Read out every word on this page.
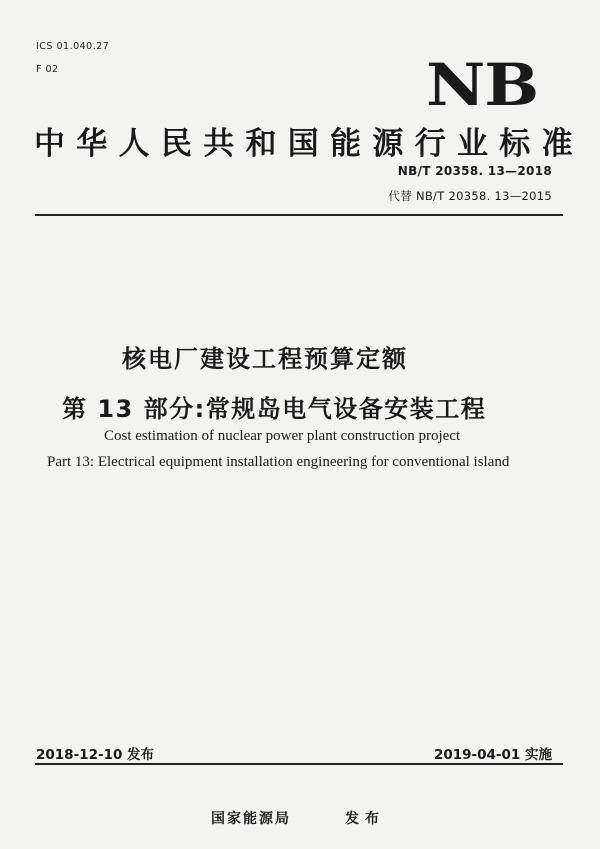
ICS 01.040.27
F 02	NB
中华人民共和国能源行业标准
NB/T 20358. 13—2018
代替 NB/T 20358. 13—2015
核电厂建设工程预算定额
第 13 部分:常规岛电气设备安装工程
Cost estimation of nuclear power plant construction project
Part 13: Electrical equipment installation engineering for conventional island
2018-12-10 发布	2019-04-01 实施
国家能源局	发布
